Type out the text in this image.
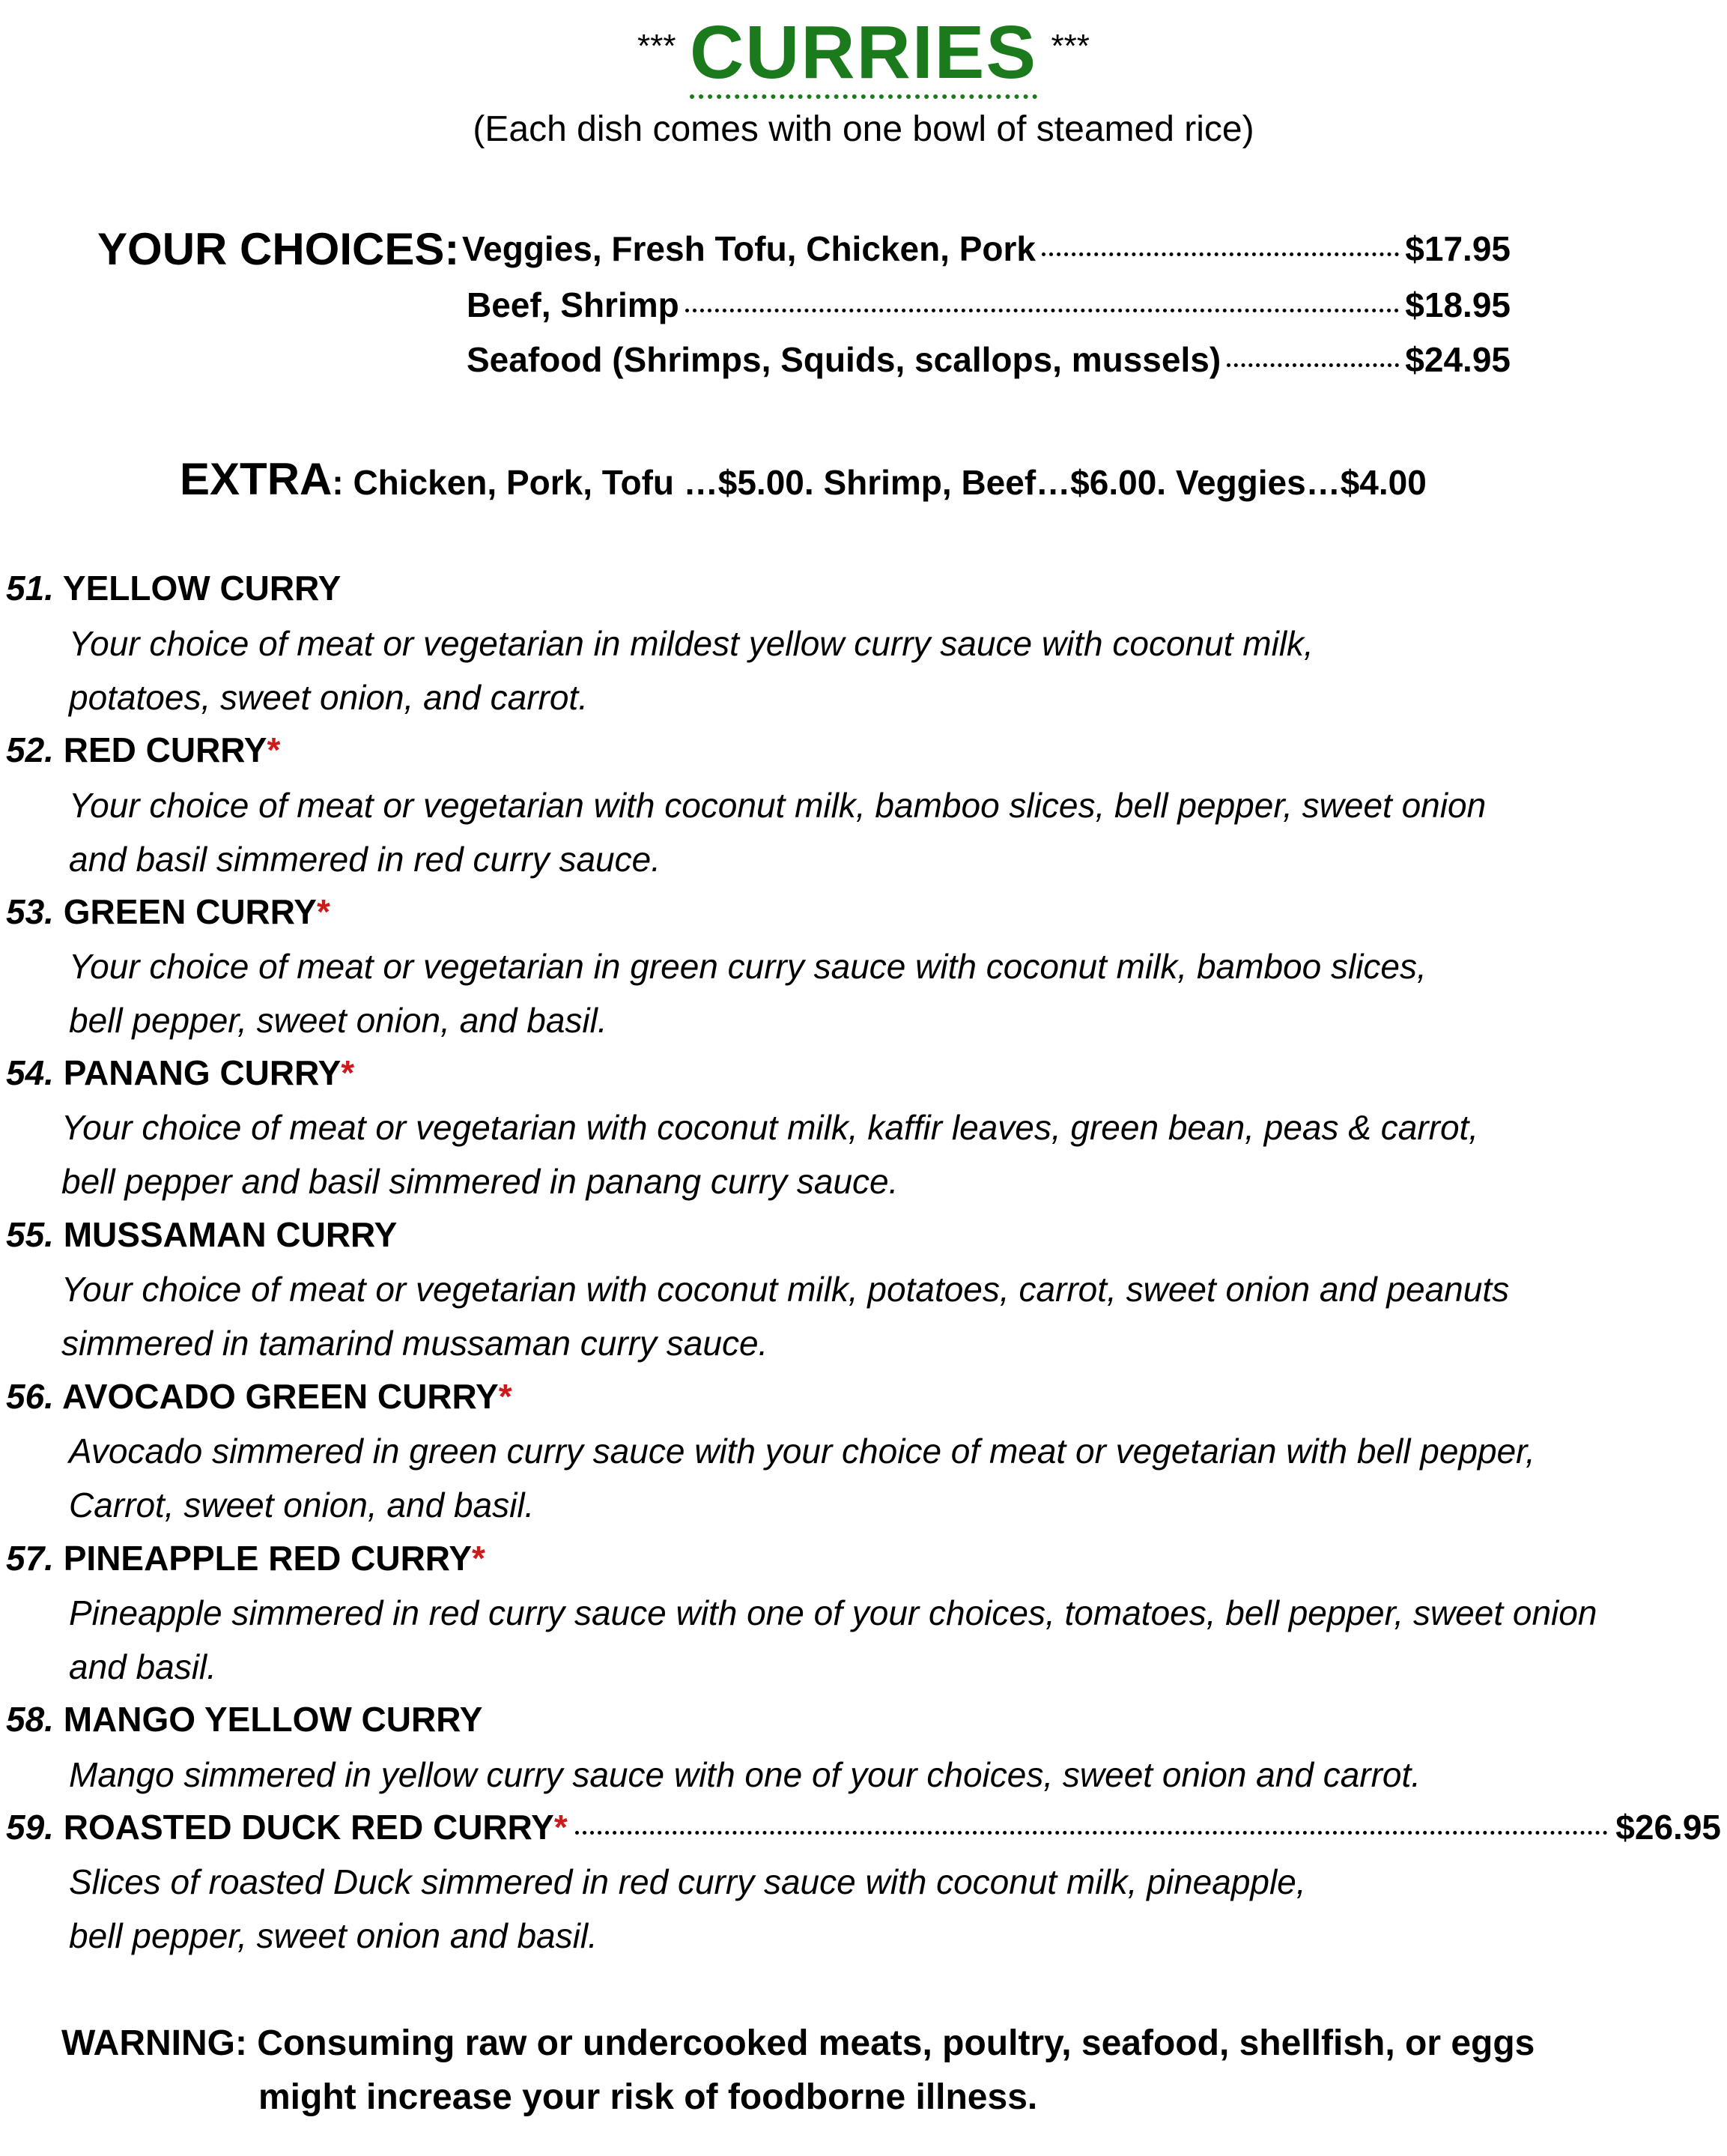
*** CURRIES ***
(Each dish comes with one bowl of steamed rice)
YOUR CHOICES: Veggies, Fresh Tofu, Chicken, Pork	$17.95
Beef, Shrimp	$18.95
Seafood (Shrimps, Squids, scallops, mussels)	$24.95
EXTRA: Chicken, Pork, Tofu …$5.00. Shrimp, Beef…$6.00. Veggies…$4.00
51. YELLOW CURRY
Your choice of meat or vegetarian in mildest yellow curry sauce with coconut milk,
potatoes, sweet onion, and carrot.
52. RED CURRY*
Your choice of meat or vegetarian with coconut milk, bamboo slices, bell pepper, sweet onion
and basil simmered in red curry sauce.
53. GREEN CURRY*
Your choice of meat or vegetarian in green curry sauce with coconut milk, bamboo slices,
bell pepper, sweet onion, and basil.
54. PANANG CURRY*
Your choice of meat or vegetarian with coconut milk, kaffir leaves, green bean, peas & carrot,
bell pepper and basil simmered in panang curry sauce.
55. MUSSAMAN CURRY
Your choice of meat or vegetarian with coconut milk, potatoes, carrot, sweet onion and peanuts
simmered in tamarind mussaman curry sauce.
56. AVOCADO GREEN CURRY*
Avocado simmered in green curry sauce with your choice of meat or vegetarian with bell pepper,
Carrot, sweet onion, and basil.
57. PINEAPPLE RED CURRY*
Pineapple simmered in red curry sauce with one of your choices, tomatoes, bell pepper, sweet onion
and basil.
58. MANGO YELLOW CURRY
Mango simmered in yellow curry sauce with one of your choices, sweet onion and carrot.
59.
ROASTED DUCK RED CURRY *	$26.95
Slices of roasted Duck simmered in red curry sauce with coconut milk, pineapple,
bell pepper, sweet onion and basil.
WARNING: Consuming raw or undercooked meats, poultry, seafood, shellfish, or eggs
might increase your risk of foodborne illness.
